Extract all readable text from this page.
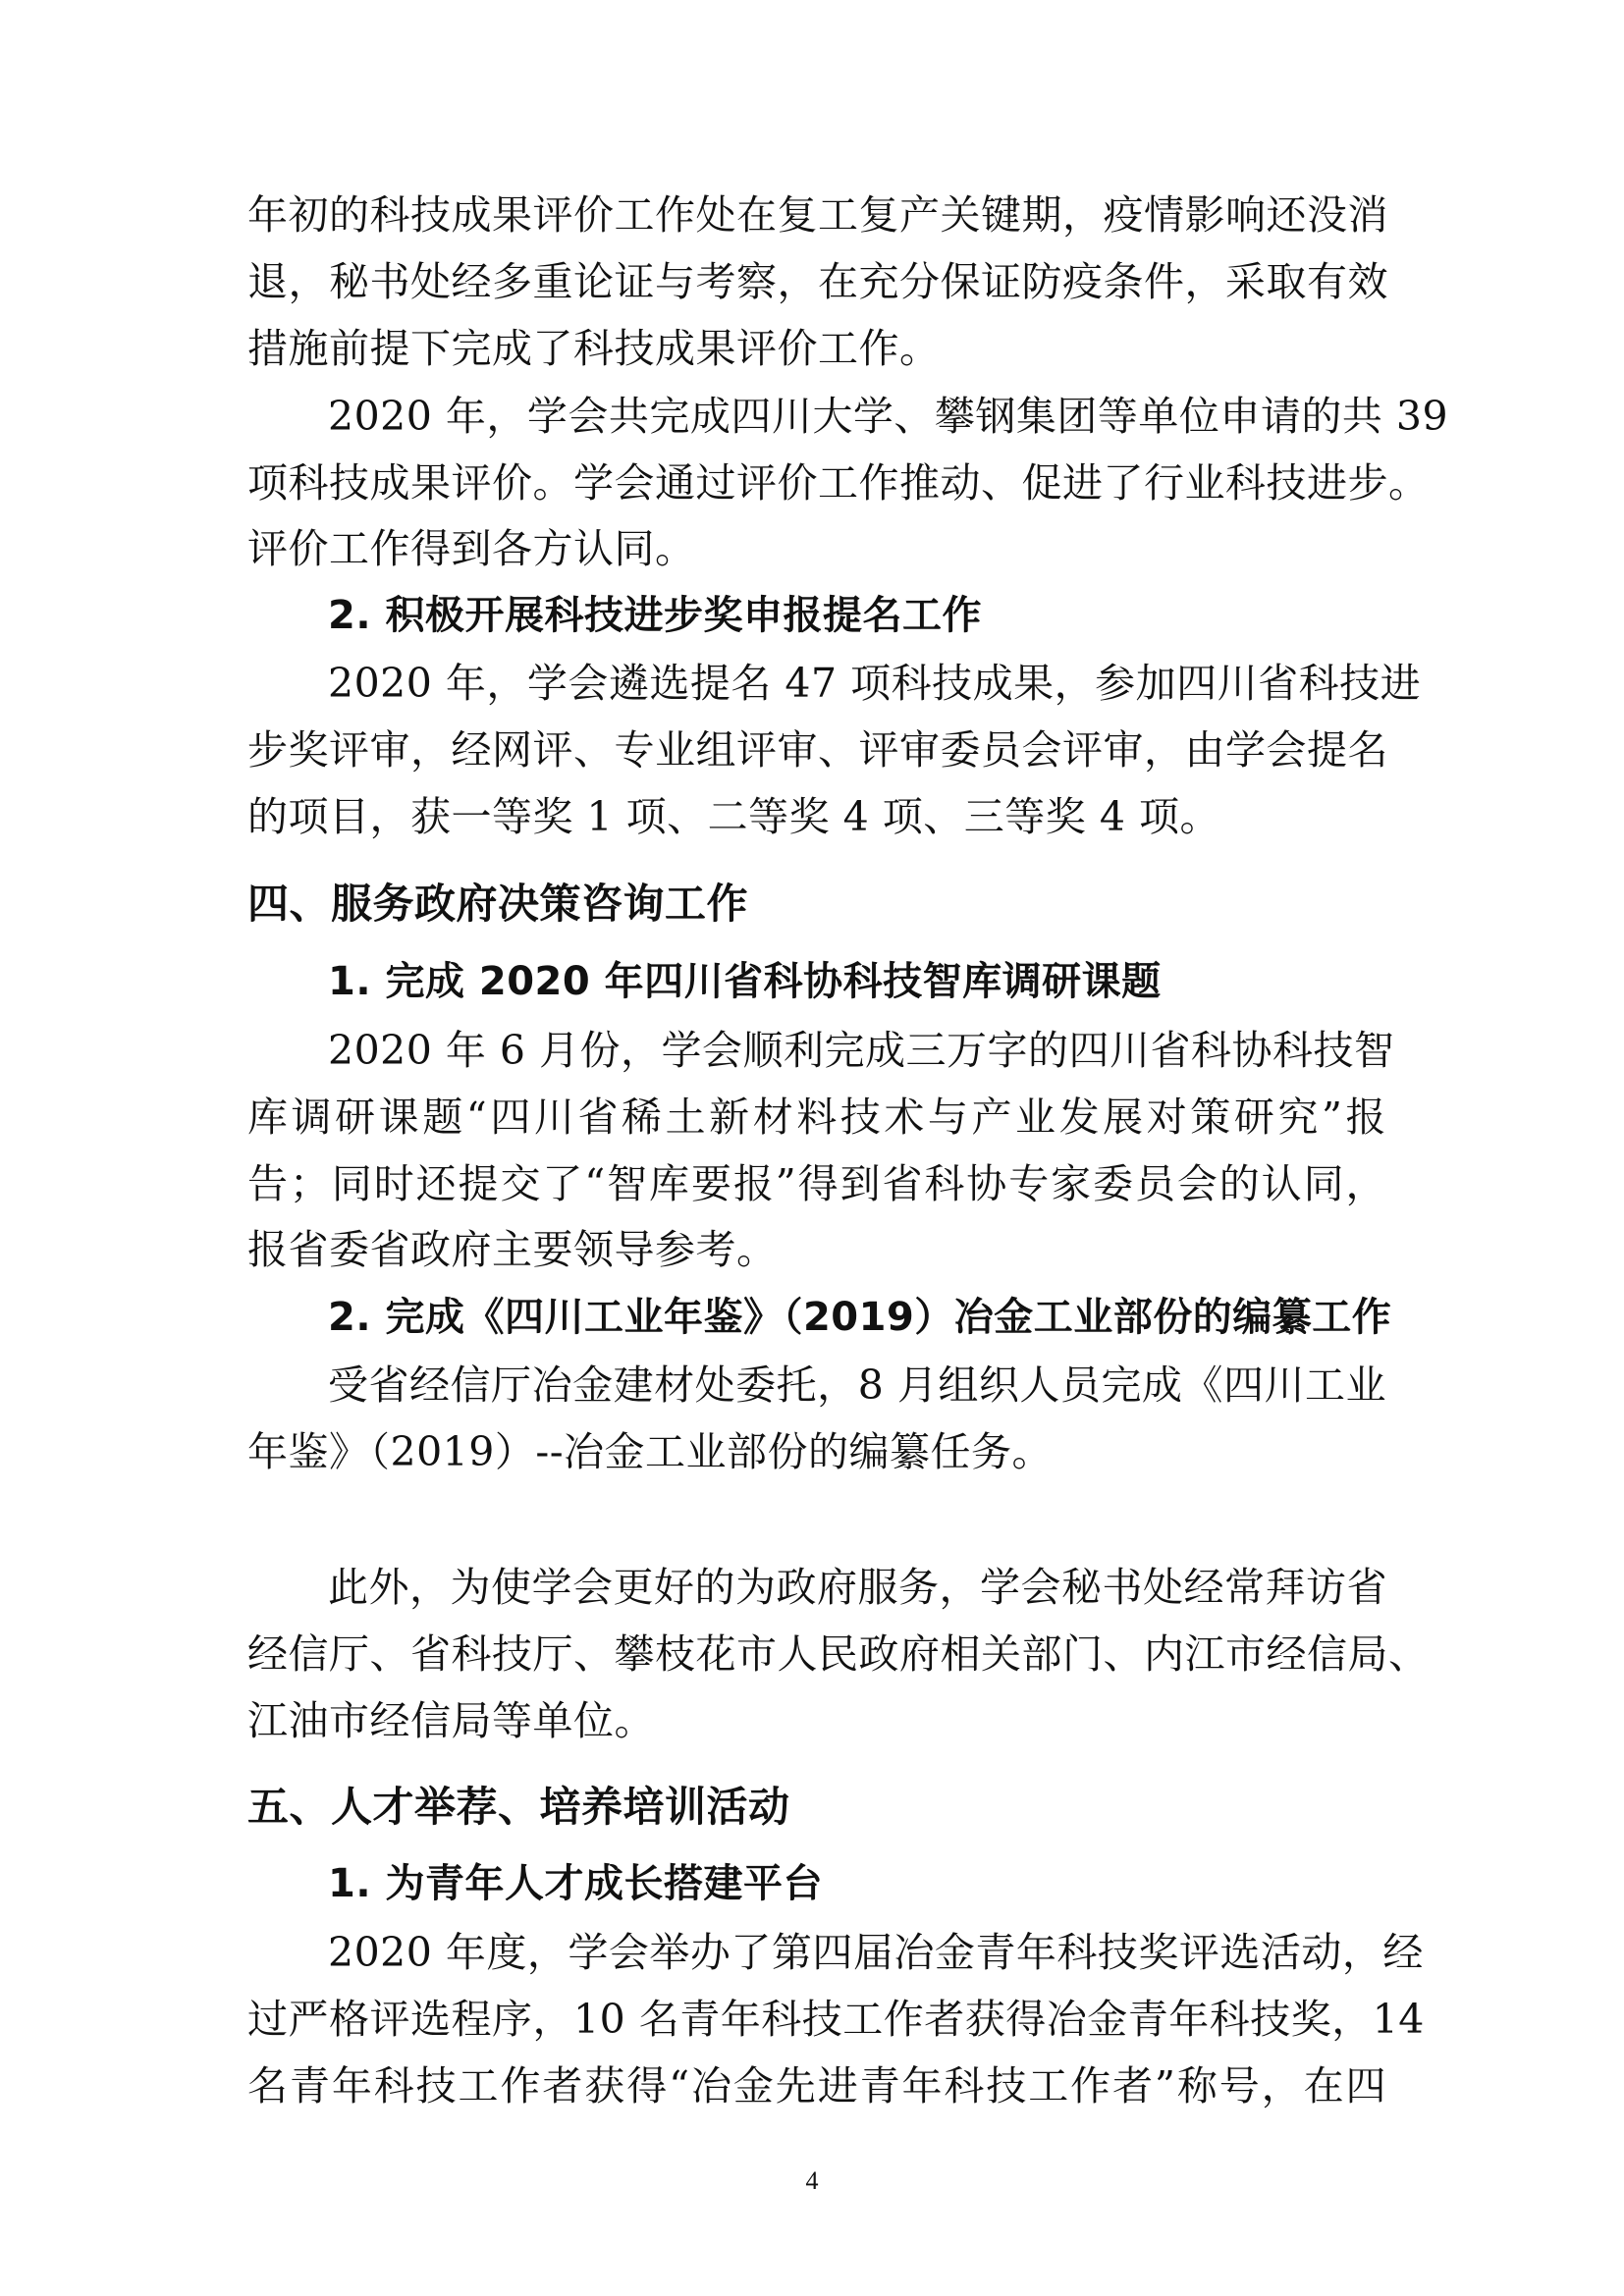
年初的科技成果评价工作处在复工复产关键期，疫情影响还没消
退，秘书处经多重论证与考察，在充分保证防疫条件，采取有效
措施前提下完成了科技成果评价工作。
2020 年，学会共完成四川大学、攀钢集团等单位申请的共 39
项科技成果评价。学会通过评价工作推动、促进了行业科技进步。
评价工作得到各方认同。
2. 积极开展科技进步奖申报提名工作
2020 年，学会遴选提名 47 项科技成果，参加四川省科技进
步奖评审，经网评、专业组评审、评审委员会评审，由学会提名
的项目，获一等奖 1 项、二等奖 4 项、三等奖 4 项。
四、服务政府决策咨询工作
1. 完成 2020 年四川省科协科技智库调研课题
2020 年 6 月份，学会顺利完成三万字的四川省科协科技智
库调研课题“四川省稀土新材料技术与产业发展对策研究”报
告；同时还提交了“智库要报”得到省科协专家委员会的认同，
报省委省政府主要领导参考。
2. 完成《四川工业年鉴》（2019）冶金工业部份的编纂工作
受省经信厅冶金建材处委托，8 月组织人员完成《四川工业
年鉴》（2019）--冶金工业部份的编纂任务。
此外，为使学会更好的为政府服务，学会秘书处经常拜访省
经信厅、省科技厅、攀枝花市人民政府相关部门、内江市经信局、
江油市经信局等单位。
五、人才举荐、培养培训活动
1. 为青年人才成长搭建平台
2020 年度，学会举办了第四届冶金青年科技奖评选活动，经
过严格评选程序，10 名青年科技工作者获得冶金青年科技奖，14
名青年科技工作者获得“冶金先进青年科技工作者”称号，在四
4
